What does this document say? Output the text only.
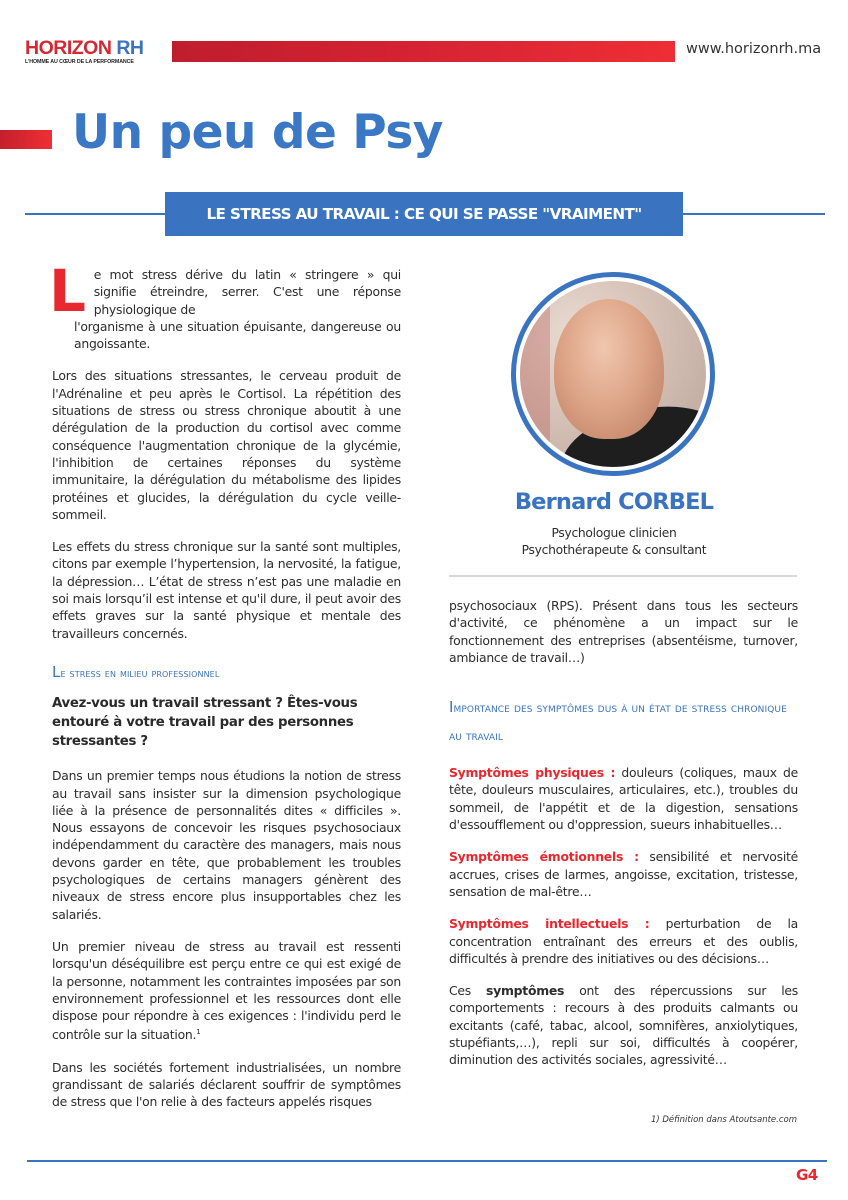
HORIZON RH
L'HOMME AU CŒUR DE LA PERFORMANCE
www.horizonrh.ma
Un peu de Psy
LE STRESS AU TRAVAIL : CE QUI SE PASSE "VRAIMENT"
L e mot stress dérive du latin « stringere » qui signifie étreindre, serrer. C'est une réponse physiologique de
l'organisme à une situation épuisante, dangereuse ou angoissante.

Lors des situations stressantes, le cerveau produit de l'Adrénaline et peu après le Cortisol. La répétition des situations de stress ou stress chronique aboutit à une dérégulation de la production du cortisol avec comme conséquence l'augmentation chronique de la glycémie, l'inhibition de certaines réponses du système immunitaire, la dérégulation du métabolisme des lipides protéines et glucides, la dérégulation du cycle veille-sommeil.

Les effets du stress chronique sur la santé sont multiples, citons par exemple l’hypertension, la nervosité, la fatigue, la dépression… L’état de stress n’est pas une maladie en soi mais lorsqu’il est intense et qu'il dure, il peut avoir des effets graves sur la santé physique et mentale des travailleurs concernés.

Le stress en milieu professionnel

Avez-vous un travail stressant ? Êtes-vous entouré à votre travail par des personnes stressantes ?

Dans un premier temps nous étudions la notion de stress au travail sans insister sur la dimension psychologique liée à la présence de personnalités dites « difficiles ». Nous essayons de concevoir les risques psychosociaux indépendamment du caractère des managers, mais nous devons garder en tête, que probablement les troubles psychologiques de certains managers génèrent des niveaux de stress encore plus insupportables chez les salariés.

Un premier niveau de stress au travail est ressenti lorsqu'un déséquilibre est perçu entre ce qui est exigé de la personne, notamment les contraintes imposées par son environnement professionnel et les ressources dont elle dispose pour répondre à ces exigences : l'individu perd le contrôle sur la situation.$^1$

Dans les sociétés fortement industrialisées, un nombre grandissant de salariés déclarent souffrir de symptômes de stress que l'on relie à des facteurs appelés risques

Bernard CORBEL
Psychologue clinicien
Psychothérapeute & consultant

psychosociaux (RPS). Présent dans tous les secteurs d'activité, ce phénomène a un impact sur le fonctionnement des entreprises (absentéisme, turnover, ambiance de travail…)

Importance des symptômes dus à un état de stress chronique au travail

Symptômes physiques : douleurs (coliques, maux de tête, douleurs musculaires, articulaires, etc.), troubles du sommeil, de l'appétit et de la digestion, sensations d'essoufflement ou d'oppression, sueurs inhabituelles…

Symptômes émotionnels : sensibilité et nervosité accrues, crises de larmes, angoisse, excitation, tristesse, sensation de mal-être…

Symptômes intellectuels : perturbation de la concentration entraînant des erreurs et des oublis, difficultés à prendre des initiatives ou des décisions…

Ces symptômes ont des répercussions sur les comportements : recours à des produits calmants ou excitants (café, tabac, alcool, somnifères, anxiolytiques, stupéfiants,…), repli sur soi, difficultés à coopérer, diminution des activités sociales, agressivité…

1) Définition dans Atoutsante.com
G4
